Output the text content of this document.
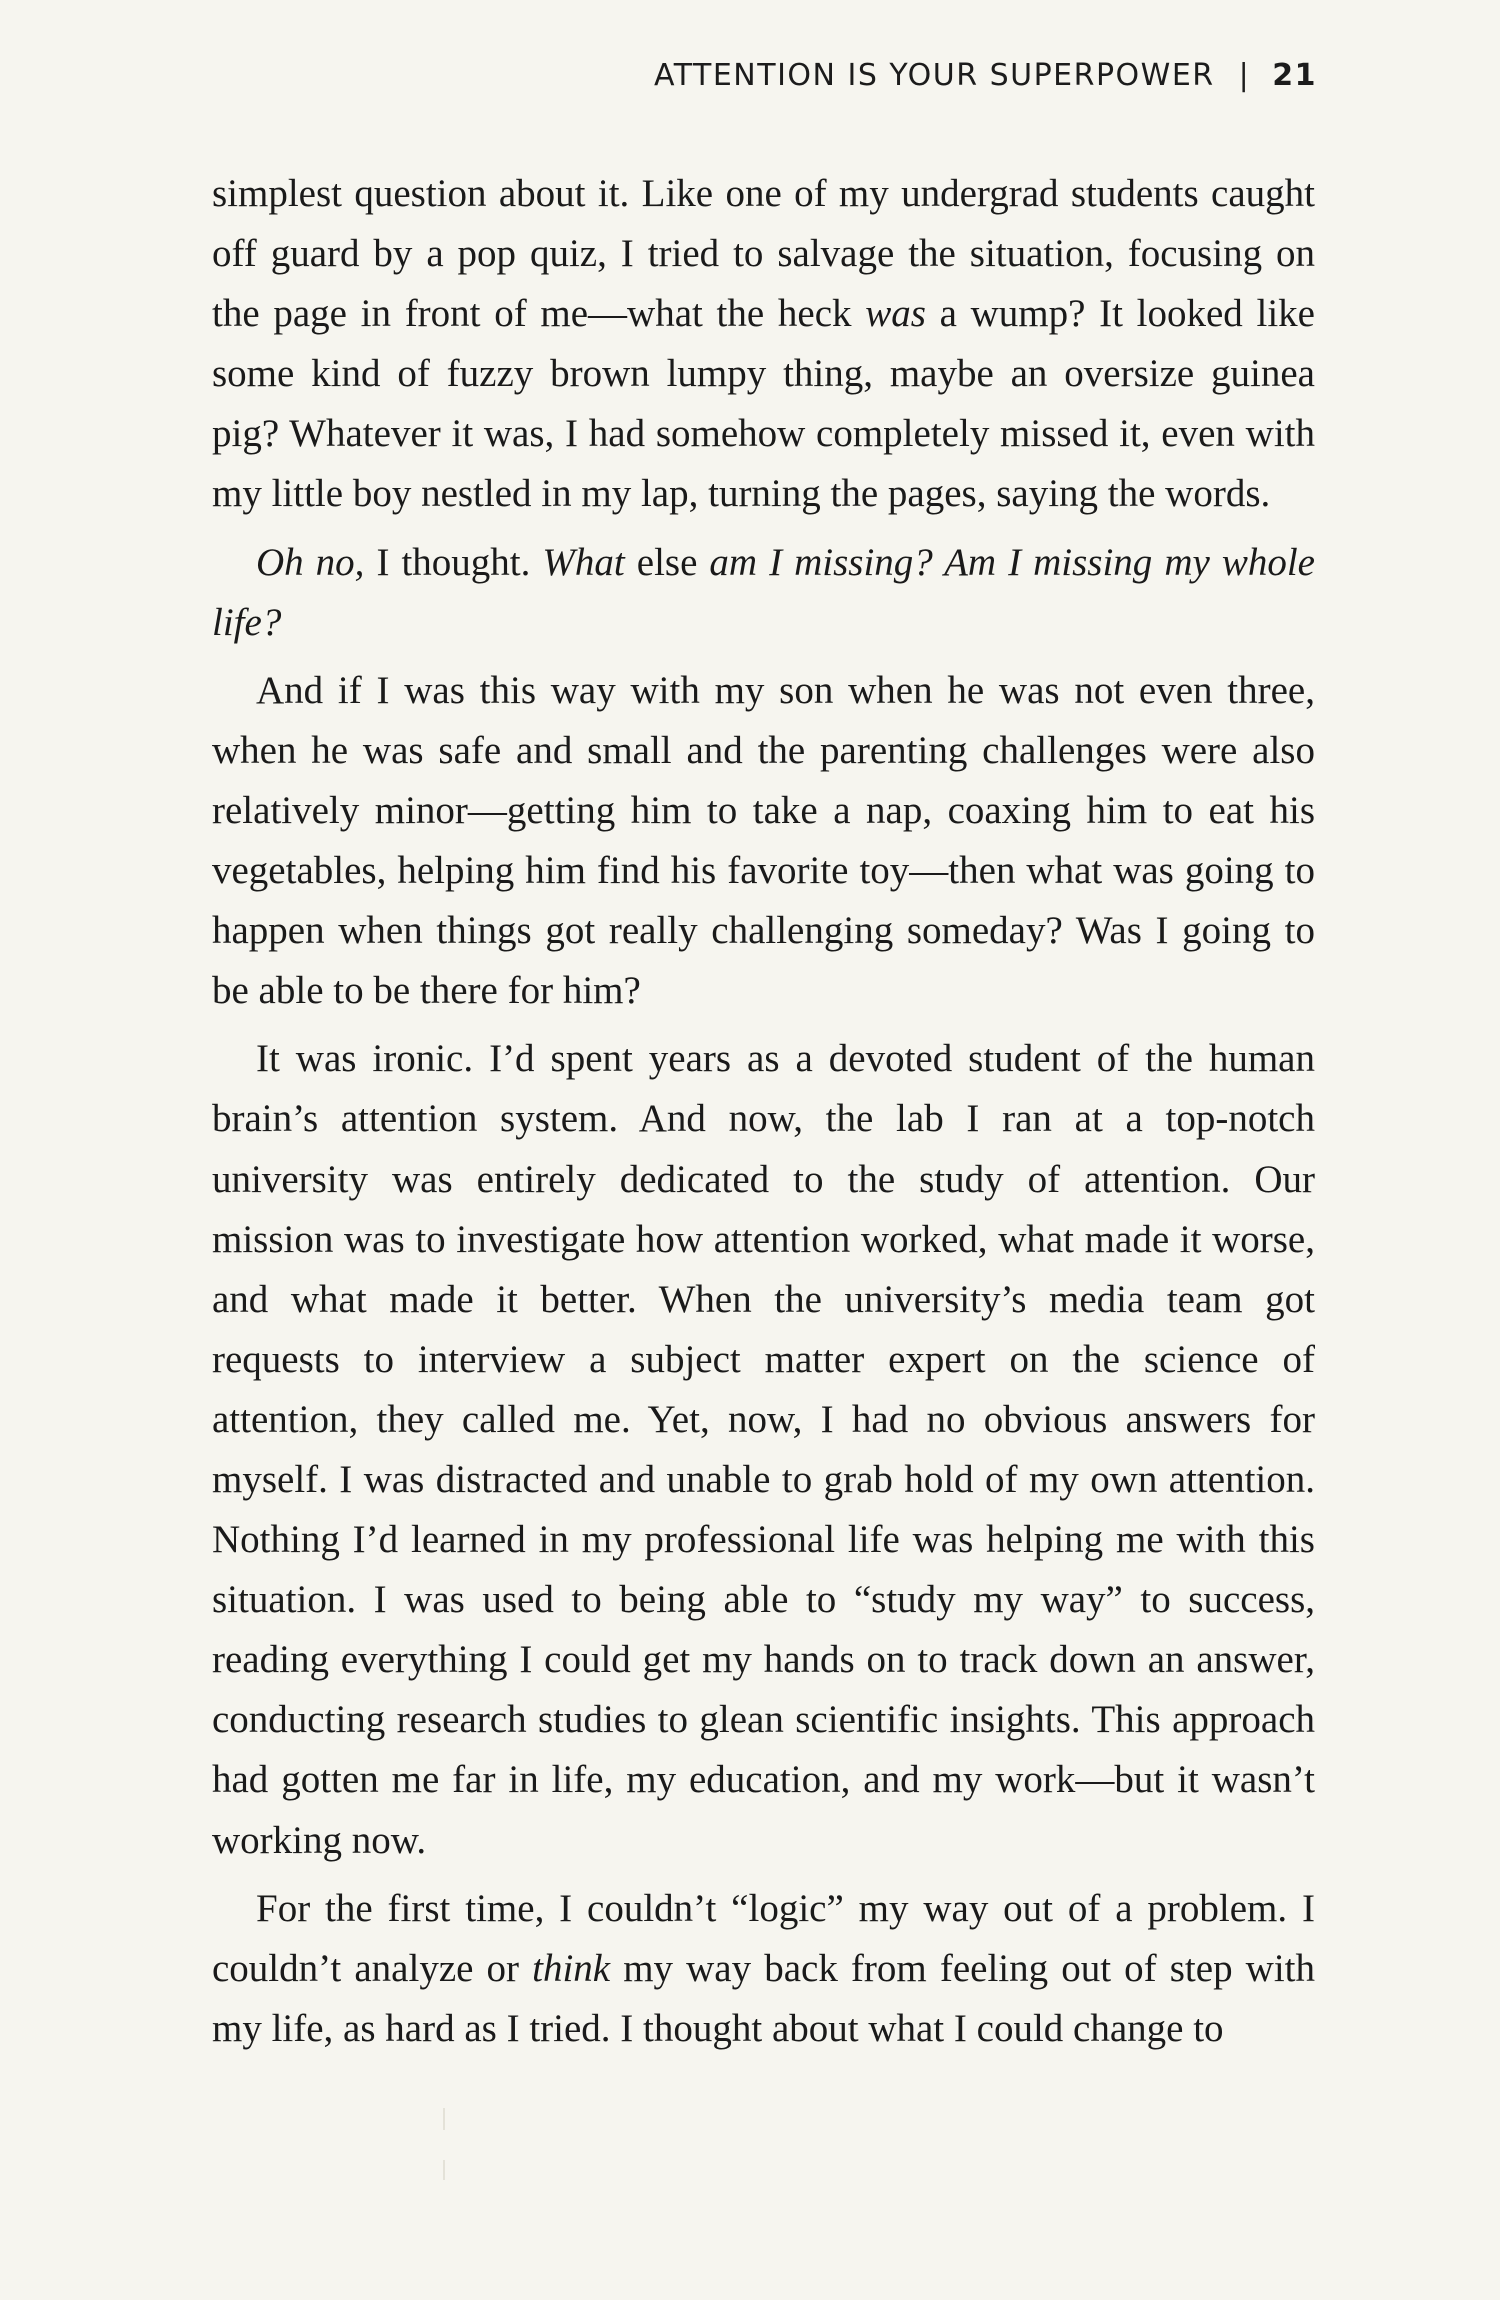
ATTENTION IS YOUR SUPERPOWER | 21

simplest question about it. Like one of my undergrad students caught off guard by a pop quiz, I tried to salvage the situation, focusing on the page in front of me—what the heck was a wump? It looked like some kind of fuzzy brown lumpy thing, maybe an oversize guinea pig? Whatever it was, I had somehow completely missed it, even with my little boy nestled in my lap, turning the pages, saying the words.

Oh no, I thought. What else am I missing? Am I missing my whole life?

And if I was this way with my son when he was not even three, when he was safe and small and the parenting challenges were also relatively minor—getting him to take a nap, coaxing him to eat his vegetables, helping him find his favorite toy—then what was going to happen when things got really challenging someday? Was I going to be able to be there for him?

It was ironic. I’d spent years as a devoted student of the human brain’s attention system. And now, the lab I ran at a top-notch university was entirely dedicated to the study of attention. Our mission was to investigate how attention worked, what made it worse, and what made it better. When the university’s media team got requests to interview a subject matter expert on the science of attention, they called me. Yet, now, I had no obvious answers for myself. I was distracted and unable to grab hold of my own attention. Nothing I’d learned in my professional life was helping me with this situation. I was used to being able to “study my way” to success, reading everything I could get my hands on to track down an answer, conducting research studies to glean scientific insights. This approach had gotten me far in life, my education, and my work—but it wasn’t working now.

For the first time, I couldn’t “logic” my way out of a problem. I couldn’t analyze or think my way back from feeling out of step with my life, as hard as I tried. I thought about what I could change to
